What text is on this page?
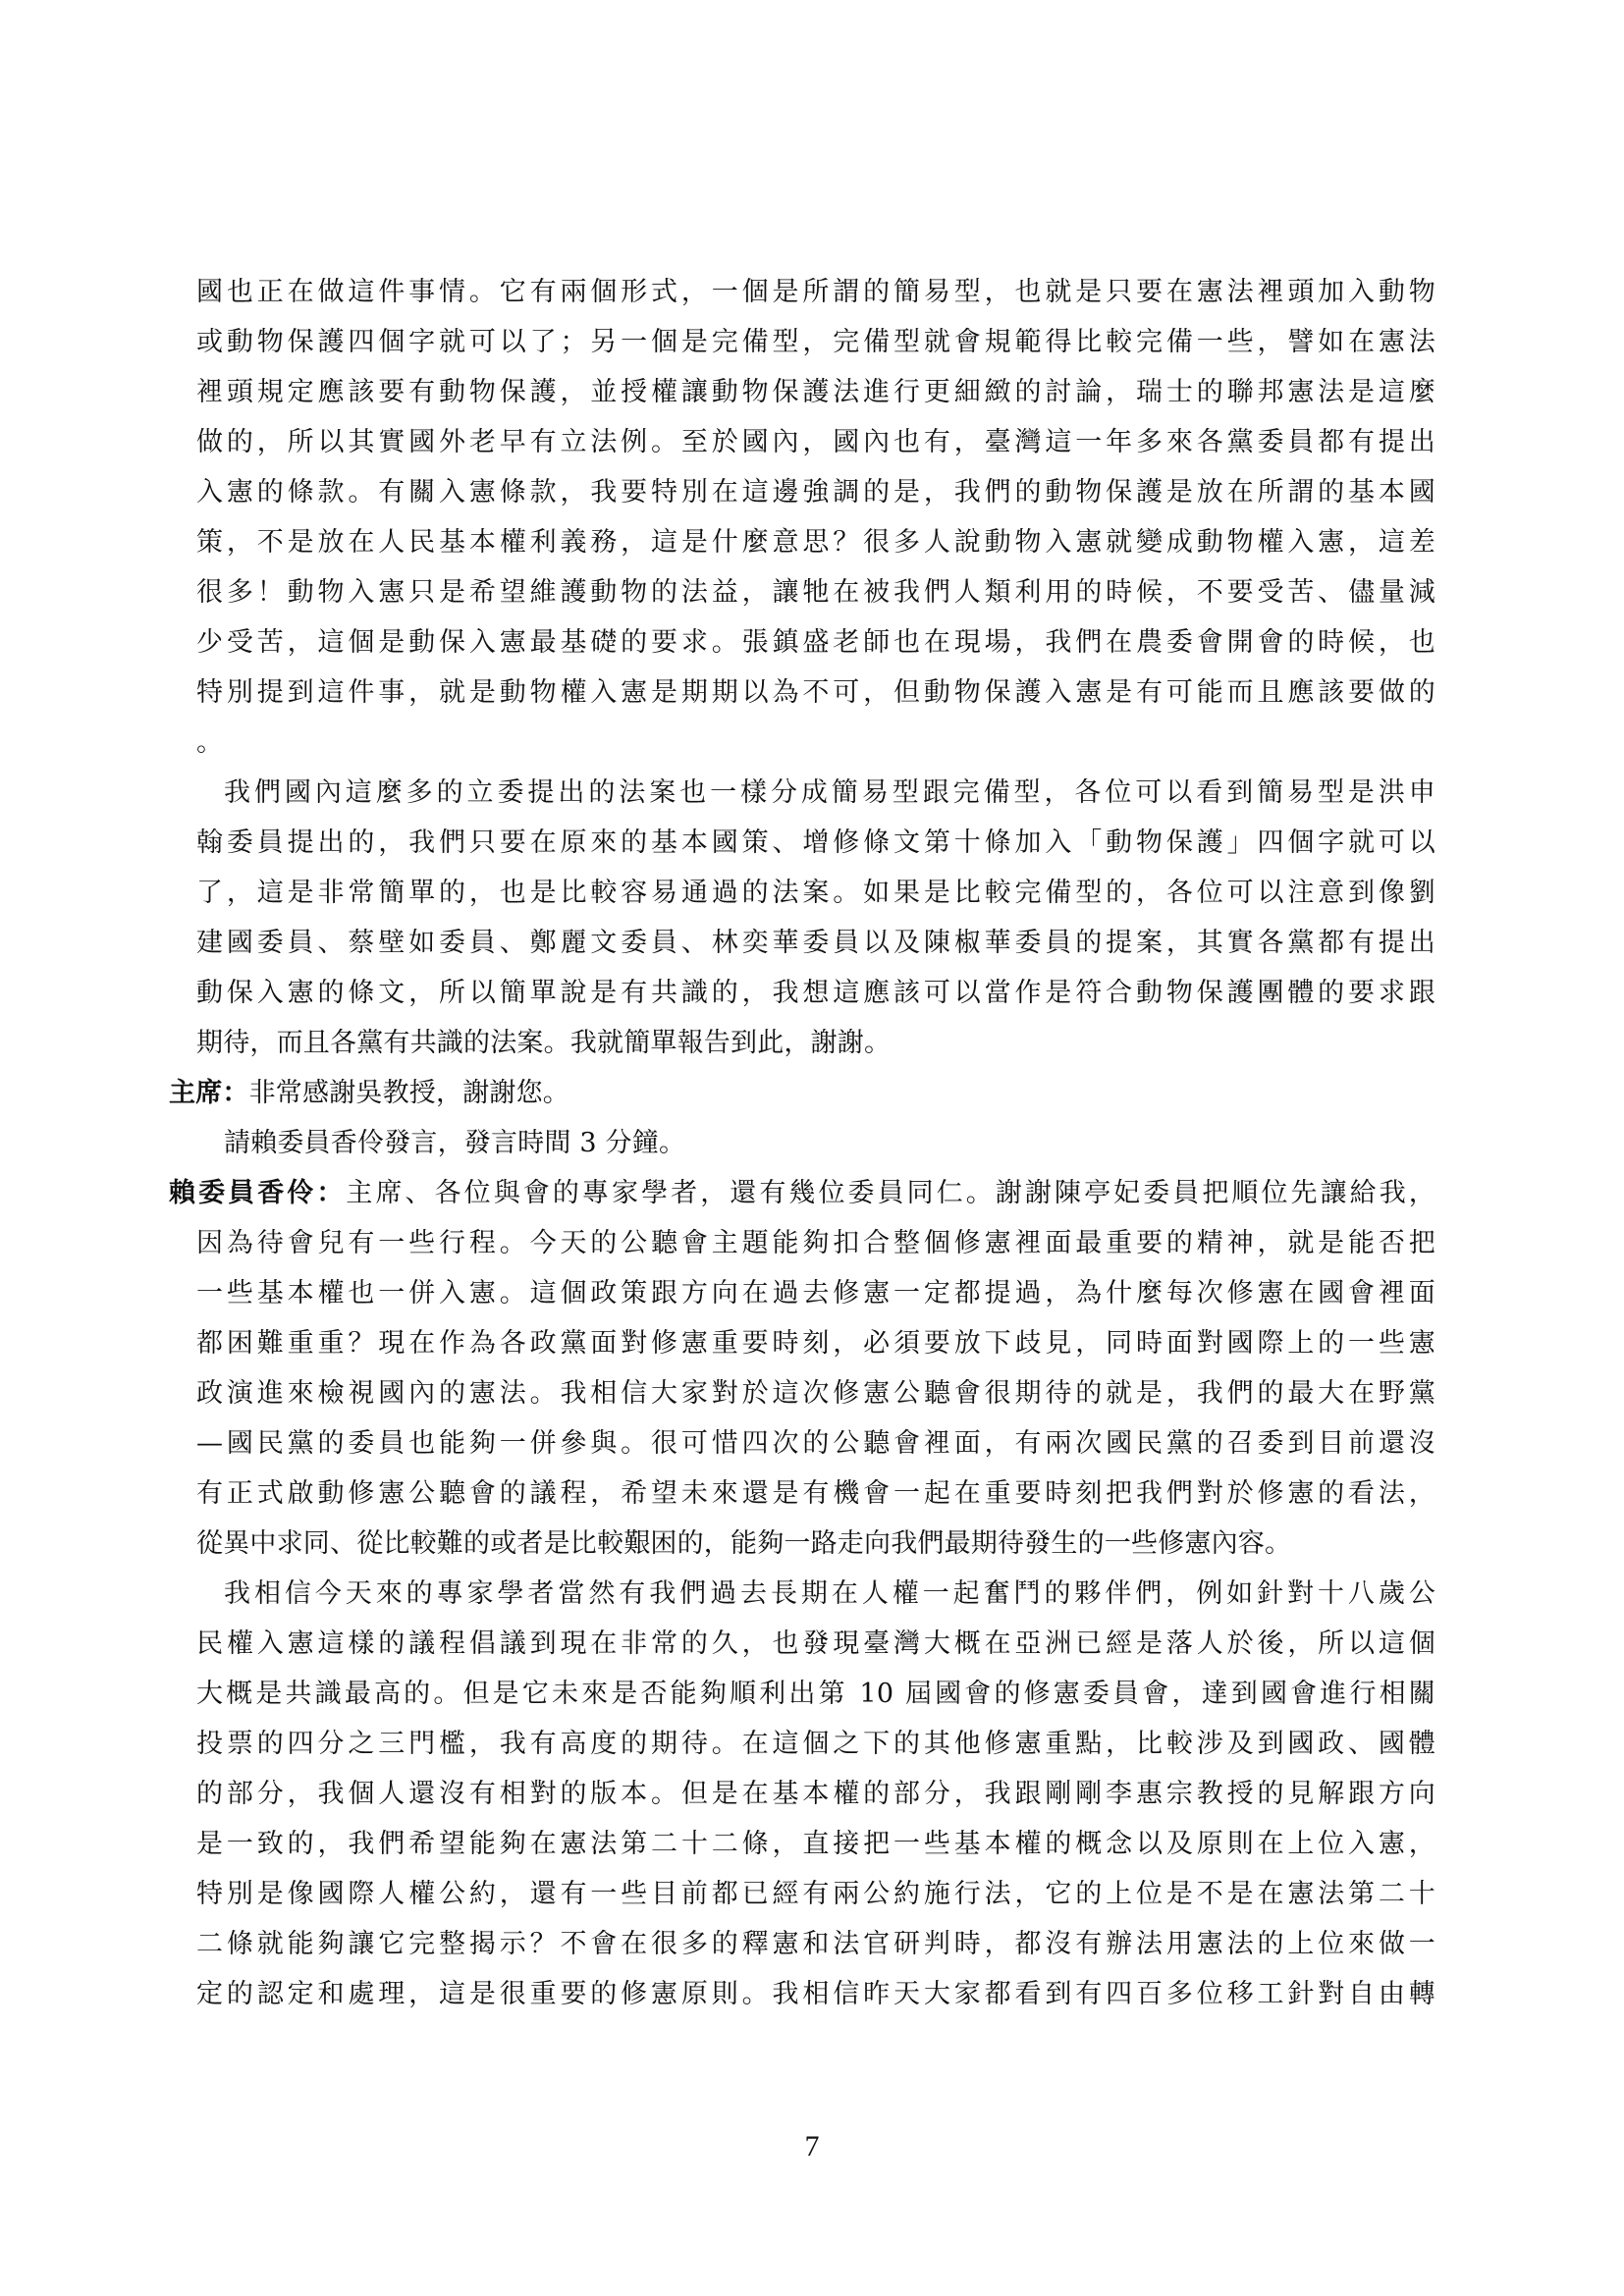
國也正在做這件事情。它有兩個形式，一個是所謂的簡易型，也就是只要在憲法裡頭加入動物
或動物保護四個字就可以了；另一個是完備型，完備型就會規範得比較完備一些，譬如在憲法
裡頭規定應該要有動物保護，並授權讓動物保護法進行更細緻的討論，瑞士的聯邦憲法是這麼
做的，所以其實國外老早有立法例。至於國內，國內也有，臺灣這一年多來各黨委員都有提出
入憲的條款。有關入憲條款，我要特別在這邊強調的是，我們的動物保護是放在所謂的基本國
策，不是放在人民基本權利義務，這是什麼意思？很多人說動物入憲就變成動物權入憲，這差
很多！動物入憲只是希望維護動物的法益，讓牠在被我們人類利用的時候，不要受苦、儘量減
少受苦，這個是動保入憲最基礎的要求。張鎮盛老師也在現場，我們在農委會開會的時候，也
特別提到這件事，就是動物權入憲是期期以為不可，但動物保護入憲是有可能而且應該要做的
。
我們國內這麼多的立委提出的法案也一樣分成簡易型跟完備型，各位可以看到簡易型是洪申
翰委員提出的，我們只要在原來的基本國策、增修條文第十條加入「動物保護」四個字就可以
了，這是非常簡單的，也是比較容易通過的法案。如果是比較完備型的，各位可以注意到像劉
建國委員、蔡壁如委員、鄭麗文委員、林奕華委員以及陳椒華委員的提案，其實各黨都有提出
動保入憲的條文，所以簡單說是有共識的，我想這應該可以當作是符合動物保護團體的要求跟
期待，而且各黨有共識的法案。我就簡單報告到此，謝謝。
主席：非常感謝吳教授，謝謝您。
請賴委員香伶發言，發言時間 3 分鐘。
賴委員香伶：主席、各位與會的專家學者，還有幾位委員同仁。謝謝陳亭妃委員把順位先讓給我，
因為待會兒有一些行程。今天的公聽會主題能夠扣合整個修憲裡面最重要的精神，就是能否把
一些基本權也一併入憲。這個政策跟方向在過去修憲一定都提過，為什麼每次修憲在國會裡面
都困難重重？現在作為各政黨面對修憲重要時刻，必須要放下歧見，同時面對國際上的一些憲
政演進來檢視國內的憲法。我相信大家對於這次修憲公聽會很期待的就是，我們的最大在野黨
—國民黨的委員也能夠一併參與。很可惜四次的公聽會裡面，有兩次國民黨的召委到目前還沒
有正式啟動修憲公聽會的議程，希望未來還是有機會一起在重要時刻把我們對於修憲的看法，
從異中求同、從比較難的或者是比較艱困的，能夠一路走向我們最期待發生的一些修憲內容。
我相信今天來的專家學者當然有我們過去長期在人權一起奮鬥的夥伴們，例如針對十八歲公
民權入憲這樣的議程倡議到現在非常的久，也發現臺灣大概在亞洲已經是落人於後，所以這個
大概是共識最高的。但是它未來是否能夠順利出第 10 屆國會的修憲委員會，達到國會進行相關
投票的四分之三門檻，我有高度的期待。在這個之下的其他修憲重點，比較涉及到國政、國體
的部分，我個人還沒有相對的版本。但是在基本權的部分，我跟剛剛李惠宗教授的見解跟方向
是一致的，我們希望能夠在憲法第二十二條，直接把一些基本權的概念以及原則在上位入憲，
特別是像國際人權公約，還有一些目前都已經有兩公約施行法，它的上位是不是在憲法第二十
二條就能夠讓它完整揭示？不會在很多的釋憲和法官研判時，都沒有辦法用憲法的上位來做一
定的認定和處理，這是很重要的修憲原則。我相信昨天大家都看到有四百多位移工針對自由轉
7
